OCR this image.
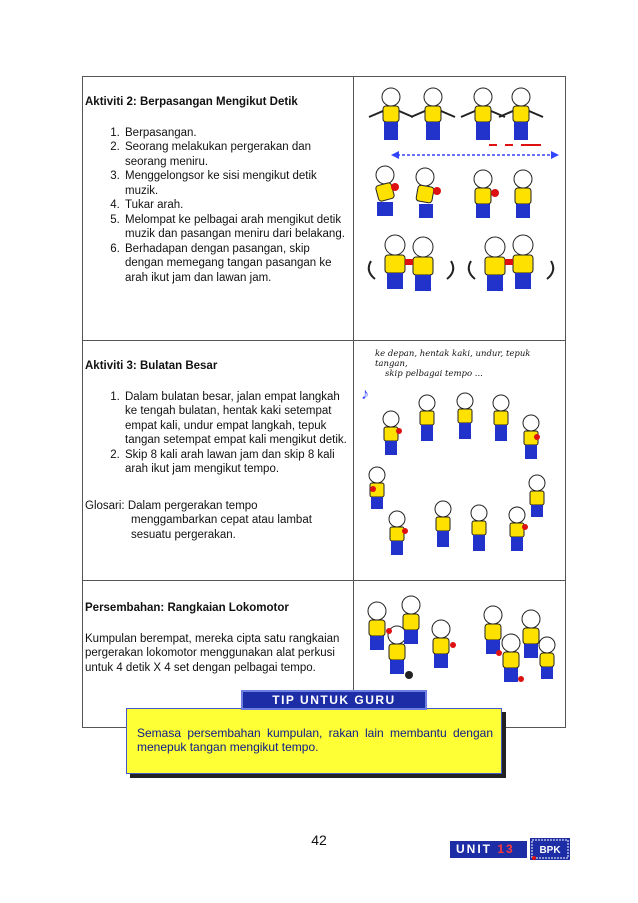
Aktiviti 2: Berpasangan Mengikut Detik
1. Berpasangan.
2. Seorang melakukan pergerakan dan seorang meniru.
3. Menggelongsor ke sisi mengikut detik muzik.
4. Tukar arah.
5. Melompat ke pelbagai arah mengikut detik muzik dan pasangan meniru dari belakang.
6. Berhadapan dengan pasangan, skip dengan memegang tangan pasangan ke arah ikut jam dan lawan jam.
Aktiviti 3: Bulatan Besar
1. Dalam bulatan besar, jalan empat langkah ke tengah bulatan, hentak kaki setempat empat kali, undur empat langkah, tepuk tangan setempat empat kali mengikut detik.
2. Skip 8 kali arah lawan jam dan skip 8 kali arah ikut jam mengikut tempo.
Glosari: Dalam pergerakan tempo
menggambarkan cepat atau lambat
sesuatu pergerakan.
ke depan, hentak kaki, undur, tepuk tangan,
skip pelbagai tempo ...
♪
Persembahan: Rangkaian Lokomotor
Kumpulan berempat, mereka cipta satu rangkaian pergerakan lokomotor menggunakan alat perkusi untuk 4 detik X 4 set dengan pelbagai tempo.
Semasa persembahan kumpulan, rakan lain membantu dengan menepuk tangan mengikut tempo.
TIP UNTUK GURU
42
UNIT 13	BPK
